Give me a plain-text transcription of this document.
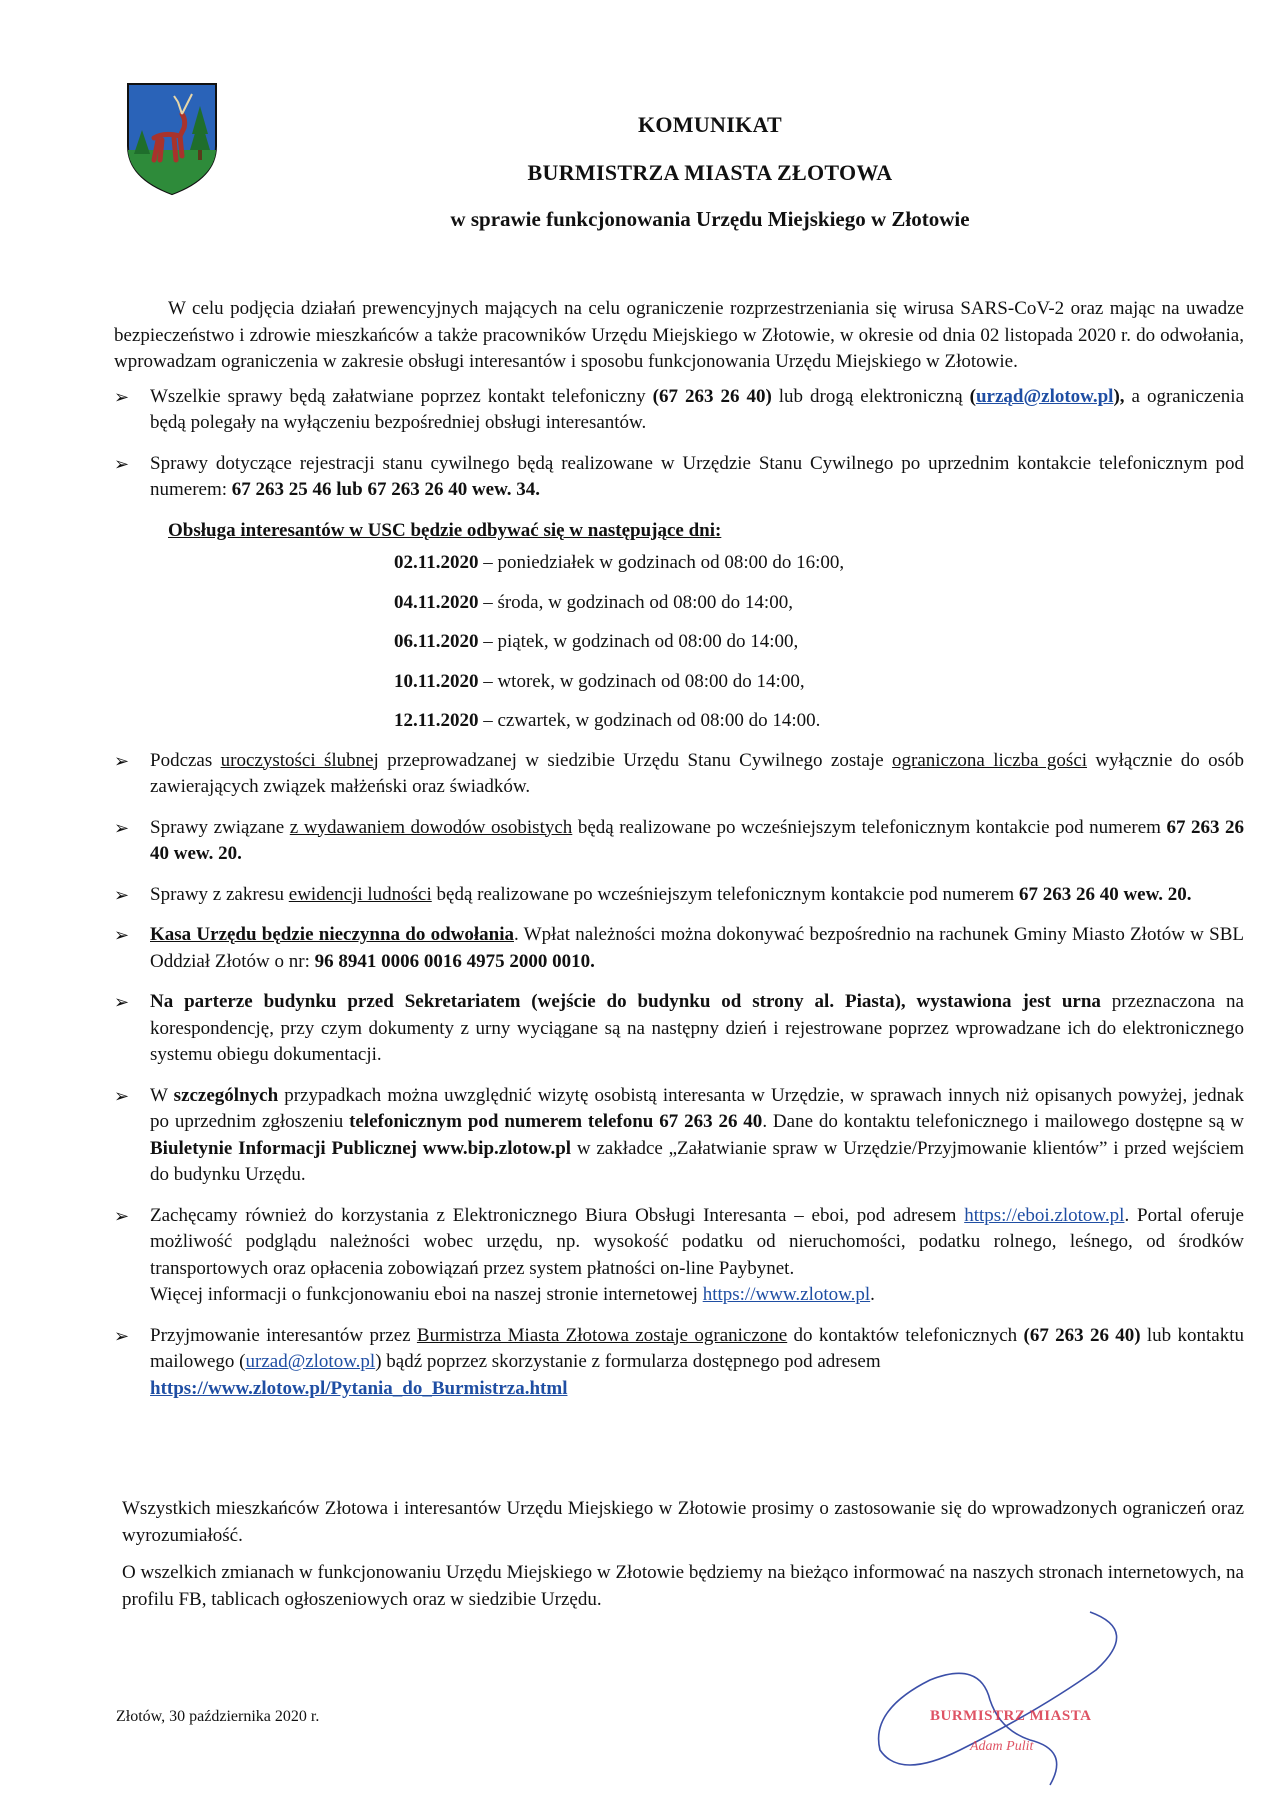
KOMUNIKAT
BURMISTRZA MIASTA ZŁOTOWA
w sprawie funkcjonowania Urzędu Miejskiego w Złotowie

W celu podjęcia działań prewencyjnych mających na celu ograniczenie rozprzestrzeniania się wirusa SARS-CoV-2 oraz mając na uwadze bezpieczeństwo i zdrowie mieszkańców a także pracowników Urzędu Miejskiego w Złotowie, w okresie od dnia 02 listopada 2020 r. do odwołania, wprowadzam ograniczenia w zakresie obsługi interesantów i sposobu funkcjonowania Urzędu Miejskiego w Złotowie.

➢ Wszelkie sprawy będą załatwiane poprzez kontakt telefoniczny (67 263 26 40) lub drogą elektroniczną (urząd@zlotow.pl), a ograniczenia będą polegały na wyłączeniu bezpośredniej obsługi interesantów.
➢ Sprawy dotyczące rejestracji stanu cywilnego będą realizowane w Urzędzie Stanu Cywilnego po uprzednim kontakcie telefonicznym pod numerem: 67 263 25 46 lub 67 263 26 40 wew. 34.
Obsługa interesantów w USC będzie odbywać się w następujące dni:
02.11.2020 – poniedziałek w godzinach od 08:00 do 16:00,
04.11.2020 – środa, w godzinach od 08:00 do 14:00,
06.11.2020 – piątek, w godzinach od 08:00 do 14:00,
10.11.2020 – wtorek, w godzinach od 08:00 do 14:00,
12.11.2020 – czwartek, w godzinach od 08:00 do 14:00.
➢ Podczas uroczystości ślubnej przeprowadzanej w siedzibie Urzędu Stanu Cywilnego zostaje ograniczona liczba gości wyłącznie do osób zawierających związek małżeński oraz świadków.
➢ Sprawy związane z wydawaniem dowodów osobistych będą realizowane po wcześniejszym telefonicznym kontakcie pod numerem 67 263 26 40 wew. 20.
➢ Sprawy z zakresu ewidencji ludności będą realizowane po wcześniejszym telefonicznym kontakcie pod numerem 67 263 26 40 wew. 20.
➢ Kasa Urzędu będzie nieczynna do odwołania. Wpłat należności można dokonywać bezpośrednio na rachunek Gminy Miasto Złotów w SBL Oddział Złotów o nr: 96 8941 0006 0016 4975 2000 0010.
➢ Na parterze budynku przed Sekretariatem (wejście do budynku od strony al. Piasta), wystawiona jest urna przeznaczona na korespondencję, przy czym dokumenty z urny wyciągane są na następny dzień i rejestrowane poprzez wprowadzane ich do elektronicznego systemu obiegu dokumentacji.
➢ W szczególnych przypadkach można uwzględnić wizytę osobistą interesanta w Urzędzie, w sprawach innych niż opisanych powyżej, jednak po uprzednim zgłoszeniu telefonicznym pod numerem telefonu 67 263 26 40. Dane do kontaktu telefonicznego i mailowego dostępne są w Biuletynie Informacji Publicznej www.bip.zlotow.pl w zakładce „Załatwianie spraw w Urzędzie/Przyjmowanie klientów” i przed wejściem do budynku Urzędu.
➢ Zachęcamy również do korzystania z Elektronicznego Biura Obsługi Interesanta – eboi, pod adresem https://eboi.zlotow.pl. Portal oferuje możliwość podglądu należności wobec urzędu, np. wysokość podatku od nieruchomości, podatku rolnego, leśnego, od środków transportowych oraz opłacenia zobowiązań przez system płatności on-line Paybynet.
Więcej informacji o funkcjonowaniu eboi na naszej stronie internetowej https://www.zlotow.pl.
➢ Przyjmowanie interesantów przez Burmistrza Miasta Złotowa zostaje ograniczone do kontaktów telefonicznych (67 263 26 40) lub kontaktu mailowego (urzad@zlotow.pl) bądź poprzez skorzystanie z formularza dostępnego pod adresem
https://www.zlotow.pl/Pytania_do_Burmistrza.html

Wszystkich mieszkańców Złotowa i interesantów Urzędu Miejskiego w Złotowie prosimy o zastosowanie się do wprowadzonych ograniczeń oraz wyrozumiałość.

O wszelkich zmianach w funkcjonowaniu Urzędu Miejskiego w Złotowie będziemy na bieżąco informować na naszych stronach internetowych, na profilu FB, tablicach ogłoszeniowych oraz w siedzibie Urzędu.

Złotów, 30 października 2020 r.	BURMISTRZ MIASTA
Adam Pulit
